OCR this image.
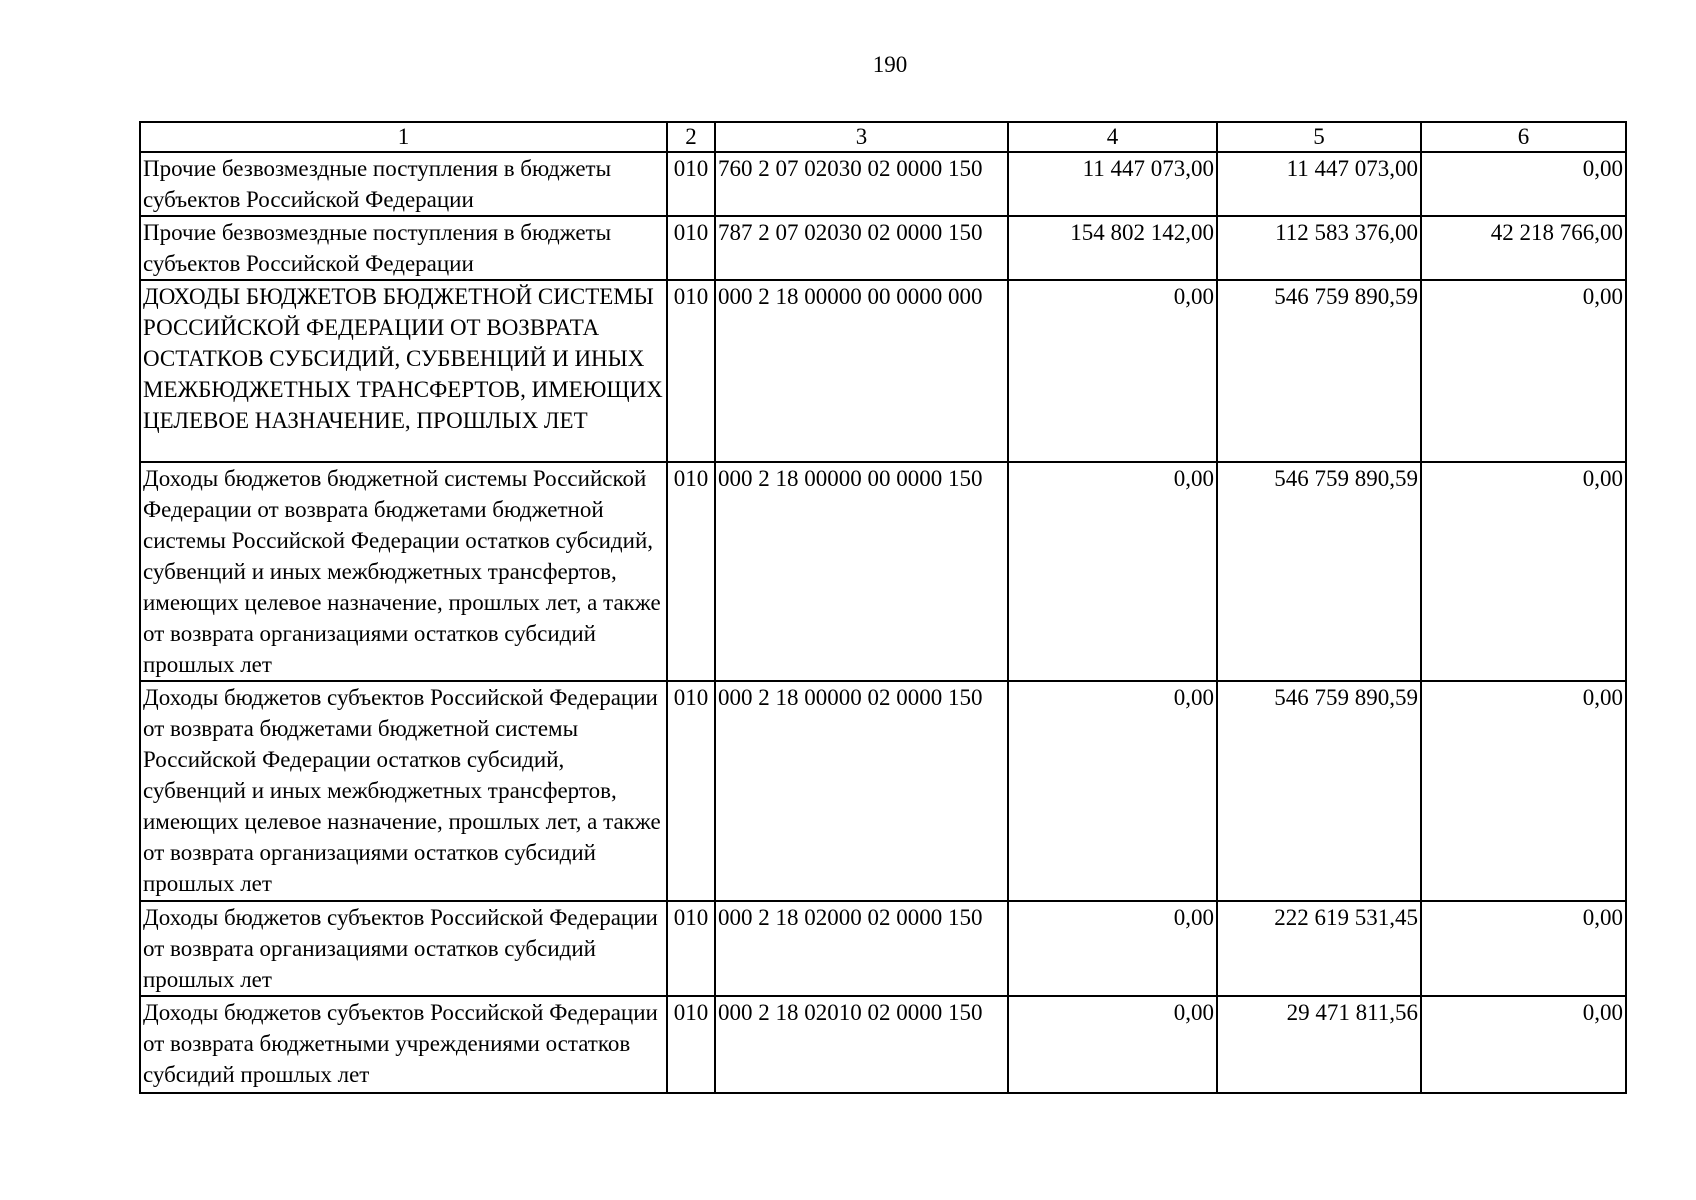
190
1	2	3	4	5	6
Прочие безвозмездные поступления в бюджеты субъектов Российской Федерации	010	760 2 07 02030 02 0000 150	11 447 073,00	11 447 073,00	0,00
Прочие безвозмездные поступления в бюджеты субъектов Российской Федерации	010	787 2 07 02030 02 0000 150	154 802 142,00	112 583 376,00	42 218 766,00
ДОХОДЫ БЮДЖЕТОВ БЮДЖЕТНОЙ СИСТЕМЫ РОССИЙСКОЙ ФЕДЕРАЦИИ ОТ ВОЗВРАТА ОСТАТКОВ СУБСИДИЙ, СУБВЕНЦИЙ И ИНЫХ МЕЖБЮДЖЕТНЫХ ТРАНСФЕРТОВ, ИМЕЮЩИХ ЦЕЛЕВОЕ НАЗНАЧЕНИЕ, ПРОШЛЫХ ЛЕТ	010	000 2 18 00000 00 0000 000	0,00	546 759 890,59	0,00
Доходы бюджетов бюджетной системы Российской Федерации от возврата бюджетами бюджетной системы Российской Федерации остатков субсидий, субвенций и иных межбюджетных трансфертов, имеющих целевое назначение, прошлых лет, а также от возврата организациями остатков субсидий прошлых лет	010	000 2 18 00000 00 0000 150	0,00	546 759 890,59	0,00
Доходы бюджетов субъектов Российской Федерации от возврата бюджетами бюджетной системы Российской Федерации остатков субсидий, субвенций и иных межбюджетных трансфертов, имеющих целевое назначение, прошлых лет, а также от возврата организациями остатков субсидий прошлых лет	010	000 2 18 00000 02 0000 150	0,00	546 759 890,59	0,00
Доходы бюджетов субъектов Российской Федерации от возврата организациями остатков субсидий прошлых лет	010	000 2 18 02000 02 0000 150	0,00	222 619 531,45	0,00
Доходы бюджетов субъектов Российской Федерации от возврата бюджетными учреждениями остатков субсидий прошлых лет	010	000 2 18 02010 02 0000 150	0,00	29 471 811,56	0,00
